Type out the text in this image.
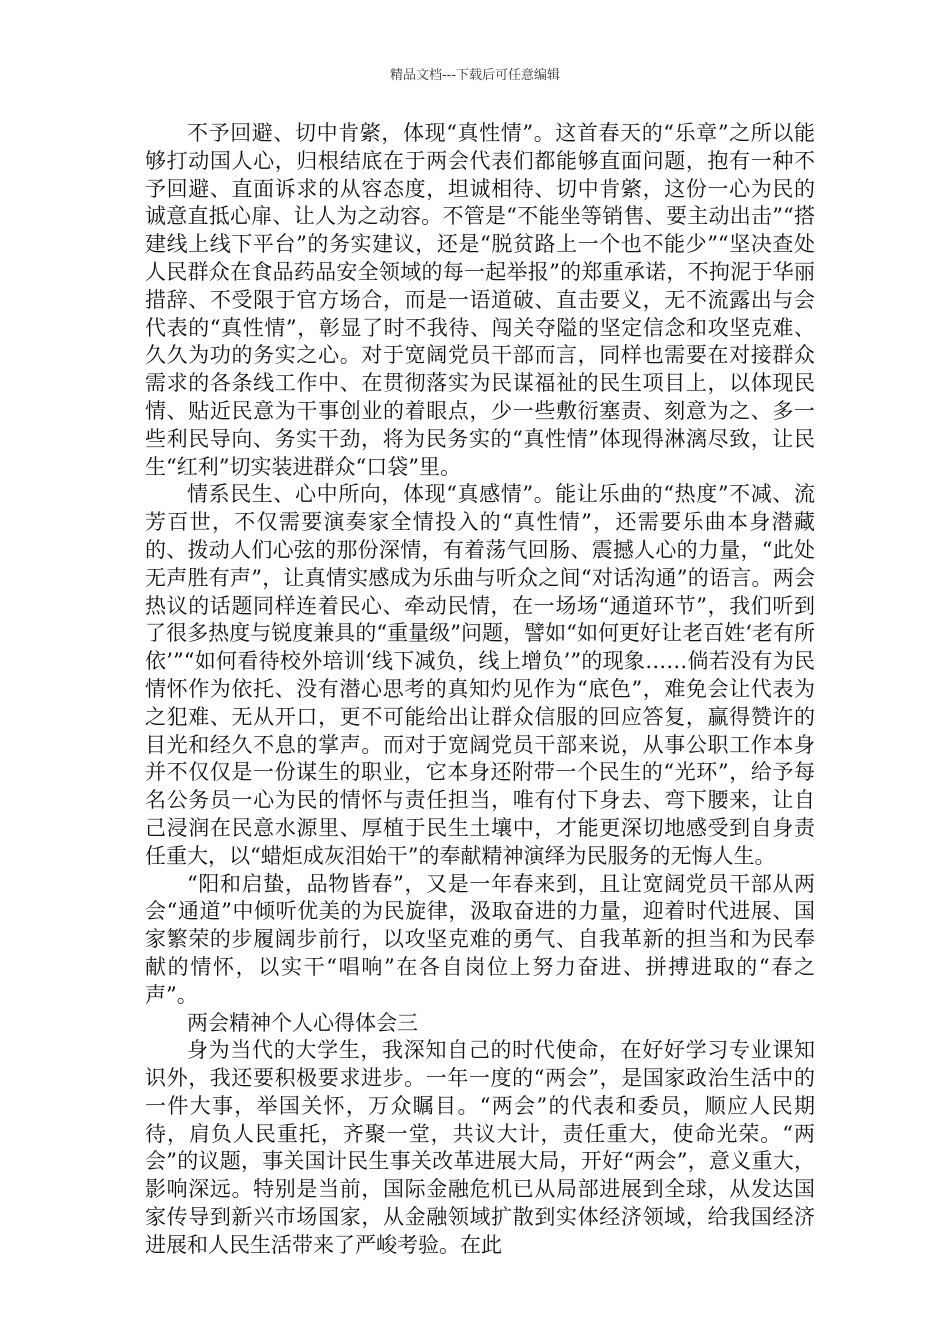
精品文档---下载后可任意编辑

不予回避、切中肯綮，体现“真性情”。这首春天的“乐章”之所以能够打动国人心，归根结底在于两会代表们都能够直面问题，抱有一种不予回避、直面诉求的从容态度，坦诚相待、切中肯綮，这份一心为民的诚意直抵心扉、让人为之动容。不管是“不能坐等销售、要主动出击”“搭建线上线下平台”的务实建议，还是“脱贫路上一个也不能少”“坚决查处人民群众在食品药品安全领域的每一起举报”的郑重承诺，不拘泥于华丽措辞、不受限于官方场合，而是一语道破、直击要义，无不流露出与会代表的“真性情”，彰显了时不我待、闯关夺隘的坚定信念和攻坚克难、久久为功的务实之心。对于宽阔党员干部而言，同样也需要在对接群众需求的各条线工作中、在贯彻落实为民谋福祉的民生项目上，以体现民情、贴近民意为干事创业的着眼点，少一些敷衍塞责、刻意为之、多一些利民导向、务实干劲，将为民务实的“真性情”体现得淋漓尽致，让民生“红利”切实装进群众“口袋”里。

情系民生、心中所向，体现“真感情”。能让乐曲的“热度”不减、流芳百世，不仅需要演奏家全情投入的“真性情”，还需要乐曲本身潜藏的、拨动人们心弦的那份深情，有着荡气回肠、震撼人心的力量，“此处无声胜有声”，让真情实感成为乐曲与听众之间“对话沟通”的语言。两会热议的话题同样连着民心、牵动民情，在一场场“通道环节”，我们听到了很多热度与锐度兼具的“重量级”问题，譬如“如何更好让老百姓‘老有所依’”“如何看待校外培训‘线下减负，线上增负’”的现象……倘若没有为民情怀作为依托、没有潜心思考的真知灼见作为“底色”，难免会让代表为之犯难、无从开口，更不可能给出让群众信服的回应答复，赢得赞许的目光和经久不息的掌声。而对于宽阔党员干部来说，从事公职工作本身并不仅仅是一份谋生的职业，它本身还附带一个民生的“光环”，给予每名公务员一心为民的情怀与责任担当，唯有付下身去、弯下腰来，让自己浸润在民意水源里、厚植于民生土壤中，才能更深切地感受到自身责任重大，以“蜡炬成灰泪始干”的奉献精神演绎为民服务的无悔人生。

“阳和启蛰，品物皆春”，又是一年春来到，且让宽阔党员干部从两会“通道”中倾听优美的为民旋律，汲取奋进的力量，迎着时代进展、国家繁荣的步履阔步前行，以攻坚克难的勇气、自我革新的担当和为民奉献的情怀，以实干“唱响”在各自岗位上努力奋进、拼搏进取的“春之声”。

两会精神个人心得体会三

身为当代的大学生，我深知自己的时代使命，在好好学习专业课知识外，我还要积极要求进步。一年一度的“两会”，是国家政治生活中的一件大事，举国关怀，万众瞩目。“两会”的代表和委员，顺应人民期待，肩负人民重托，齐聚一堂，共议大计，责任重大，使命光荣。“两会”的议题，事关国计民生事关改革进展大局，开好“两会”，意义重大，影响深远。特别是当前，国际金融危机已从局部进展到全球，从发达国家传导到新兴市场国家，从金融领域扩散到实体经济领域，给我国经济进展和人民生活带来了严峻考验。在此
